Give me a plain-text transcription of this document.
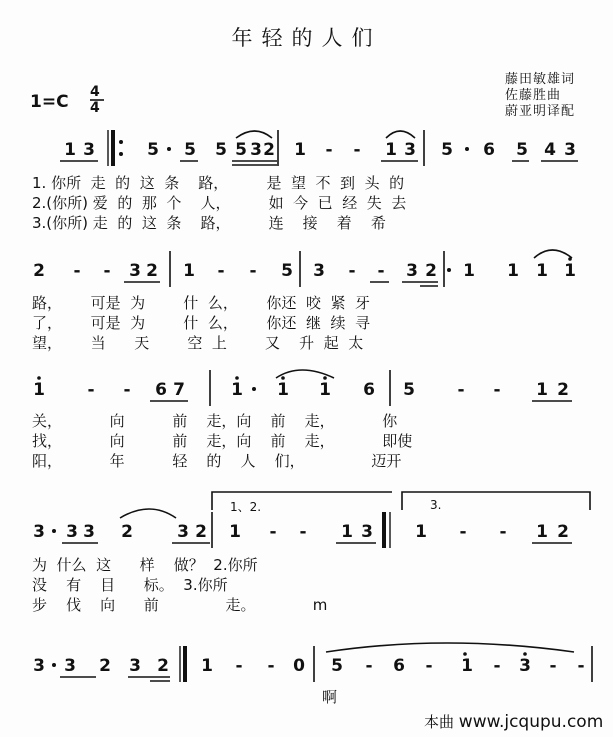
年轻的人们
藤田敏雄词
佐藤胜曲
蔚亚明译配
1=C 4
4
1 3	5 5 5 5 3 2 1 - - 1 3 5 6 5 4 3
1. 你所  走  的  这  条    路，        是  望  不  到  头  的
2.(你所) 爱  的  那  个    人，        如  今  已  经  失  去
3.(你所) 走  的  这  条    路，        连    接    着    希
2 - - 3 2 1 - - 5 3 - - 3 2 1 1 1 1
路，      可是  为        什  么，      你还  咬  紧  牙
了，      可是  为        什  么，      你还  继  续  寻
望，      当      天        空  上        又    升  起  太
1	- - 6 7	1 1 1 6 5	- - 1 2
关，          向          前    走，向    前    走，          你
找，          向          前    走，向    前    走，          即使
阳，          年          轻    的    人    们，              迈开
1、2.	3.
3 3 3 2	3 2 1 - - 1 3 1 - - 1 2
为  什么  这      样    做？  2.你所
没    有    目      标。  3.你所
步    伐    向      前              走。            m
3 3 2 3 2 1 - - 0 5 - 6 - 1 - 3 - -
啊
本曲 www.jcqupu.com
